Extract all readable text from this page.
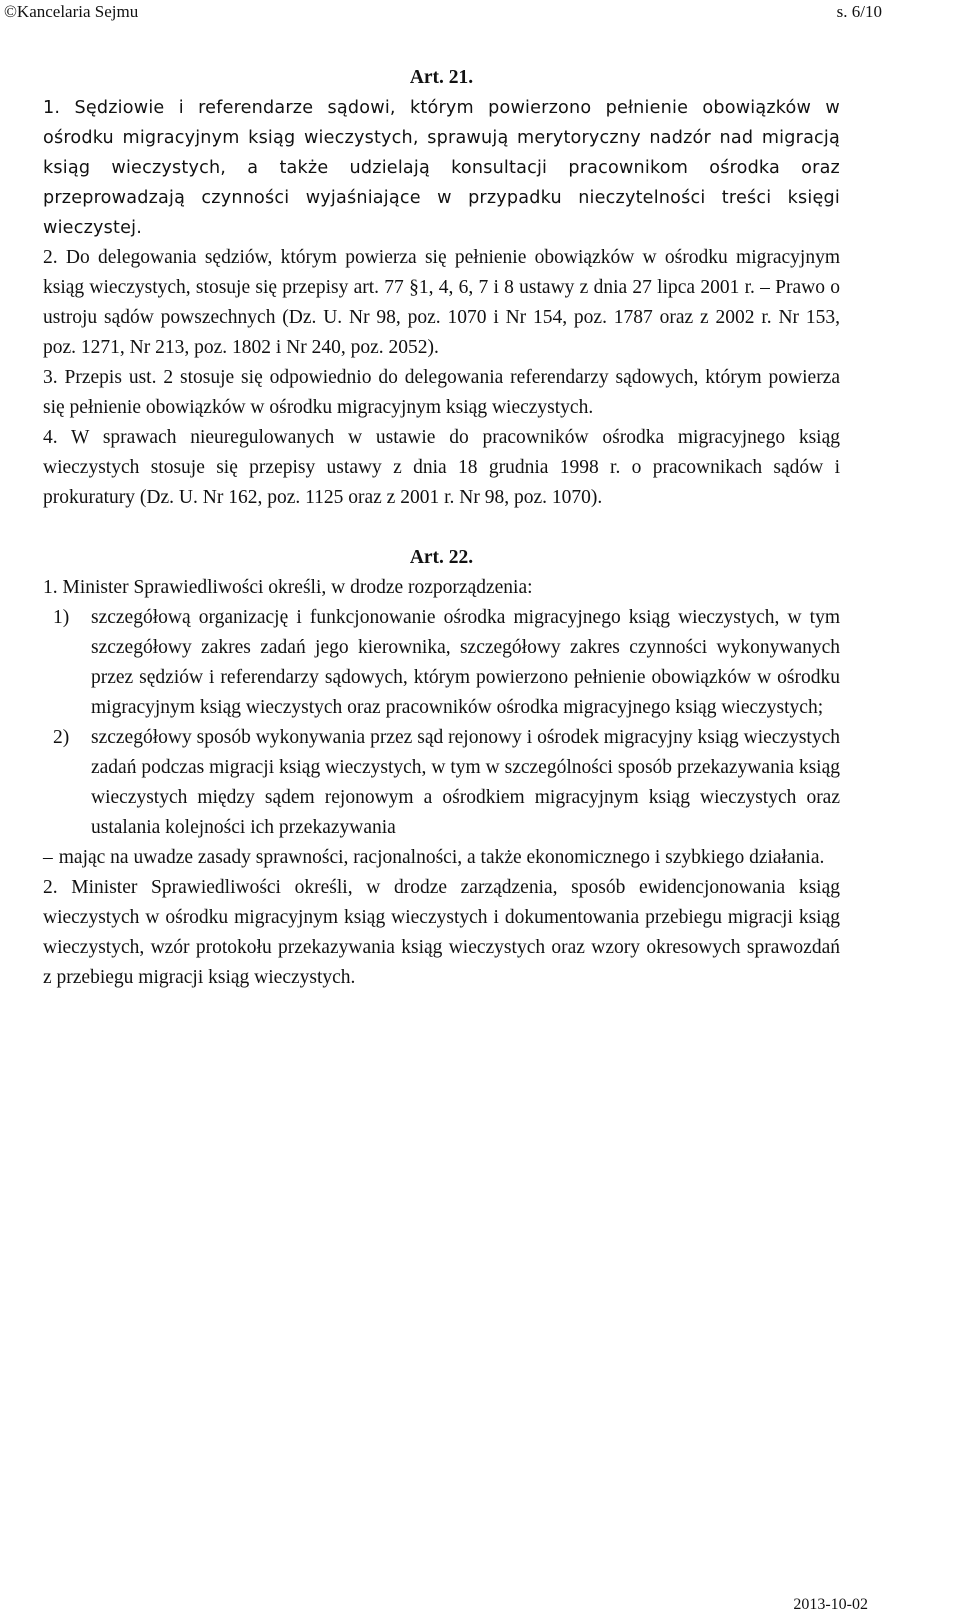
©Kancelaria Sejmu	s. 6/10
Art. 21.

1. Sędziowie i referendarze sądowi, którym powierzono pełnienie obowiązków w ośrodku migracyjnym ksiąg wieczystych, sprawują merytoryczny nadzór nad migracją ksiąg wieczystych, a także udzielają konsultacji pracownikom ośrodka oraz przeprowadzają czynności wyjaśniające w przypadku nieczytelności treści księgi wieczystej.

2. Do delegowania sędziów, którym powierza się pełnienie obowiązków w ośrodku migracyjnym ksiąg wieczystych, stosuje się przepisy art. 77 §1, 4, 6, 7 i 8 ustawy z dnia 27 lipca 2001 r. – Prawo o ustroju sądów powszechnych (Dz. U. Nr 98, poz. 1070 i Nr 154, poz. 1787 oraz z 2002 r. Nr 153, poz. 1271, Nr 213, poz. 1802 i Nr 240, poz. 2052).

3. Przepis ust. 2 stosuje się odpowiednio do delegowania referendarzy sądowych, którym powierza się pełnienie obowiązków w ośrodku migracyjnym ksiąg wieczystych.

4. W sprawach nieuregulowanych w ustawie do pracowników ośrodka migracyjnego ksiąg wieczystych stosuje się przepisy ustawy z dnia 18 grudnia 1998 r. o pracownikach sądów i prokuratury (Dz. U. Nr 162, poz. 1125 oraz z 2001 r. Nr 98, poz. 1070).

Art. 22.

1. Minister Sprawiedliwości określi, w drodze rozporządzenia:

1) szczegółową organizację i funkcjonowanie ośrodka migracyjnego ksiąg wieczystych, w tym szczegółowy zakres zadań jego kierownika, szczegółowy zakres czynności wykonywanych przez sędziów i referendarzy sądowych, którym powierzono pełnienie obowiązków w ośrodku migracyjnym ksiąg wieczystych oraz pracowników ośrodka migracyjnego ksiąg wieczystych;
2) szczegółowy sposób wykonywania przez sąd rejonowy i ośrodek migracyjny ksiąg wieczystych zadań podczas migracji ksiąg wieczystych, w tym w szczególności sposób przekazywania ksiąg wieczystych między sądem rejonowym a ośrodkiem migracyjnym ksiąg wieczystych oraz ustalania kolejności ich przekazywania

– mając na uwadze zasady sprawności, racjonalności, a także ekonomicznego i szybkiego działania.

2. Minister Sprawiedliwości określi, w drodze zarządzenia, sposób ewidencjonowania ksiąg wieczystych w ośrodku migracyjnym ksiąg wieczystych i dokumentowania przebiegu migracji ksiąg wieczystych, wzór protokołu przekazywania ksiąg wieczystych oraz wzory okresowych sprawozdań z przebiegu migracji ksiąg wieczystych.

2013-10-02
